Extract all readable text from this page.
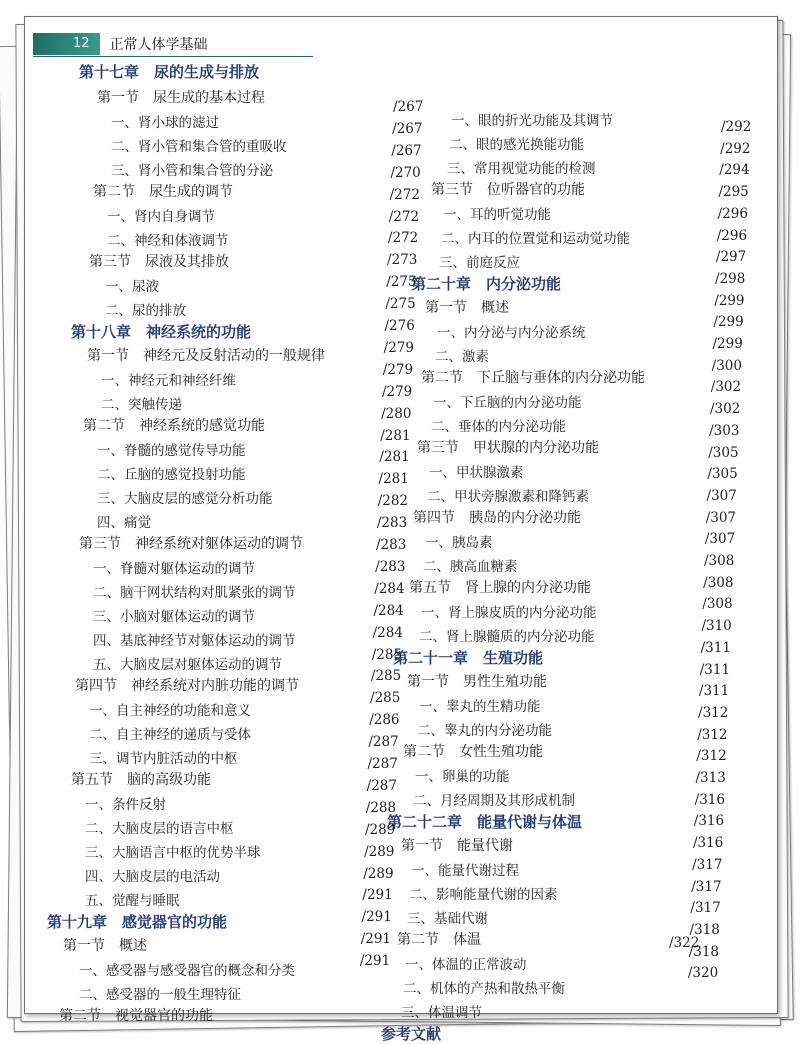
12	正常人体学基础
第十七章　尿的生成与排放
第一节　尿生成的基本过程
一、肾小球的滤过
二、肾小管和集合管的重吸收
三、肾小管和集合管的分泌
第二节　尿生成的调节
一、肾内自身调节
二、神经和体液调节
第三节　尿液及其排放
一、尿液
二、尿的排放
第十八章　神经系统的功能
第一节　神经元及反射活动的一般规律
一、神经元和神经纤维
二、突触传递
第二节　神经系统的感觉功能
一、脊髓的感觉传导功能
二、丘脑的感觉投射功能
三、大脑皮层的感觉分析功能
四、痛觉
第三节　神经系统对躯体运动的调节
一、脊髓对躯体运动的调节
二、脑干网状结构对肌紧张的调节
三、小脑对躯体运动的调节
四、基底神经节对躯体运动的调节
五、大脑皮层对躯体运动的调节
第四节　神经系统对内脏功能的调节
一、自主神经的功能和意义
二、自主神经的递质与受体
三、调节内脏活动的中枢
第五节　脑的高级功能
一、条件反射
二、大脑皮层的语言中枢
三、大脑语言中枢的优势半球
四、大脑皮层的电活动
五、觉醒与睡眠
第十九章　感觉器官的功能
第一节　概述
一、感受器与感受器官的概念和分类
二、感受器的一般生理特征
第二节　视觉器官的功能
一、眼的折光功能及其调节
二、眼的感光换能功能
三、常用视觉功能的检测
第三节　位听器官的功能
一、耳的听觉功能
二、内耳的位置觉和运动觉功能
三、前庭反应
第二十章　内分泌功能
第一节　概述
一、内分泌与内分泌系统
二、激素
第二节　下丘脑与垂体的内分泌功能
一、下丘脑的内分泌功能
二、垂体的内分泌功能
第三节　甲状腺的内分泌功能
一、甲状腺激素
二、甲状旁腺激素和降钙素
第四节　胰岛的内分泌功能
一、胰岛素
二、胰高血糖素
第五节　肾上腺的内分泌功能
一、肾上腺皮质的内分泌功能
二、肾上腺髓质的内分泌功能
第二十一章　生殖功能
第一节　男性生殖功能
一、睾丸的生精功能
二、睾丸的内分泌功能
第二节　女性生殖功能
一、卵巢的功能
二、月经周期及其形成机制
第二十二章　能量代谢与体温
第一节　能量代谢
一、能量代谢过程
二、影响能量代谢的因素
三、基础代谢
第二节　体温
一、体温的正常波动
二、机体的产热和散热平衡
三、体温调节
参考文献
/267
/267
/267
/270
/272
/272
/272
/273
/275
/275
/276
/279
/279
/279
/280
/281
/281
/281
/282
/283
/283
/283
/284
/284
/284
/285
/285
/285
/286
/287
/287
/287
/288
/289
/289
/289
/291
/291
/291
/291
/292
/292
/294
/295
/296
/296
/297
/298
/299
/299
/299
/300
/302
/302
/303
/305
/305
/307
/307
/307
/308
/308
/308
/310
/311
/311
/311
/312
/312
/312
/313
/316
/316
/316
/317
/317
/317
/318
/318
/320
/322
